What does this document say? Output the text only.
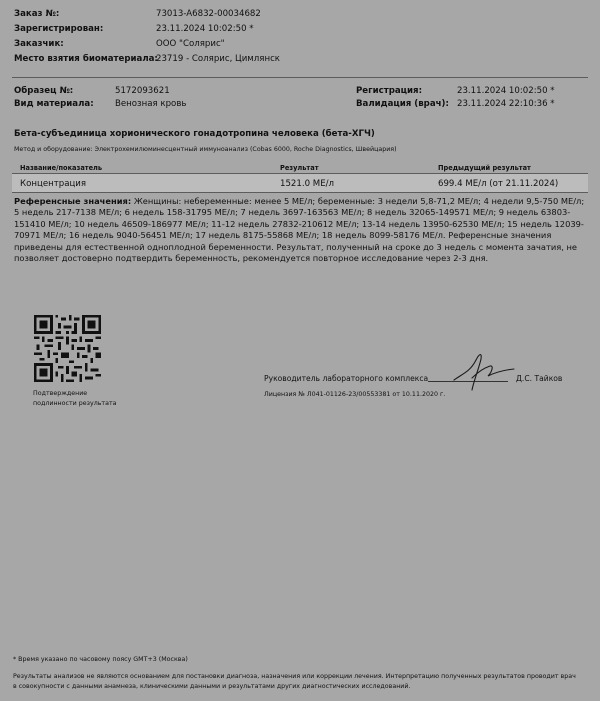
Заказ №:	73013-A6832-00034682
Зарегистрирован:	23.11.2024 10:02:50 *
Заказчик:	ООО "Солярис"
Место взятия биоматериала:
23719 - Солярис, Цимлянск
Образец №:	5172093621
Вид материала: Венозная кровь
Регистрация:	23.11.2024 10:02:50 *
Валидация (врач): 23.11.2024 22:10:36 *
Бета-субъединица хорионического гонадотропина человека (бета-ХГЧ)
Метод и оборудование: Электрохемилюминесцентный иммуноанализ (Cobas 6000, Roche Diagnostics, Швейцария)
Название/показатель	Результат	Предыдущий результат
Концентрация	1521.0 МЕ/л	699.4 МЕ/л (от 21.11.2024)
Референсные значения: Женщины: небеременные: менее 5 МЕ/л; беременные: 3 недели 5,8-71,2 МЕ/л; 4 недели 9,5-750 МЕ/л; 5 недель 217-7138 МЕ/л; 6 недель 158-31795 МЕ/л; 7 недель 3697-163563 МЕ/л; 8 недель 32065-149571 МЕ/л; 9 недель 63803-151410 МЕ/л; 10 недель 46509-186977 МЕ/л; 11-12 недель 27832-210612 МЕ/л; 13-14 недель 13950-62530 МЕ/л; 15 недель 12039-70971 МЕ/л; 16 недель 9040-56451 МЕ/л; 17 недель 8175-55868 МЕ/л; 18 недель 8099-58176 МЕ/л. Референсные значения приведены для естественной одноплодной беременности. Результат, полученный на сроке до 3 недель с момента зачатия, не позволяет достоверно подтвердить беременность, рекомендуется повторное исследование через 2-3 дня.
Подтверждение
подлинности результата
Руководитель лабораторного комплекса	Д.С. Тайков
Лицензия № Л041-01126-23/00553381 от 10.11.2020 г.
* Время указано по часовому поясу GMT+3 (Москва)
Результаты анализов не являются основанием для постановки диагноза, назначения или коррекции лечения. Интерпретацию полученных результатов проводит врач
в совокупности с данными анамнеза, клиническими данными и результатами других диагностических исследований.
